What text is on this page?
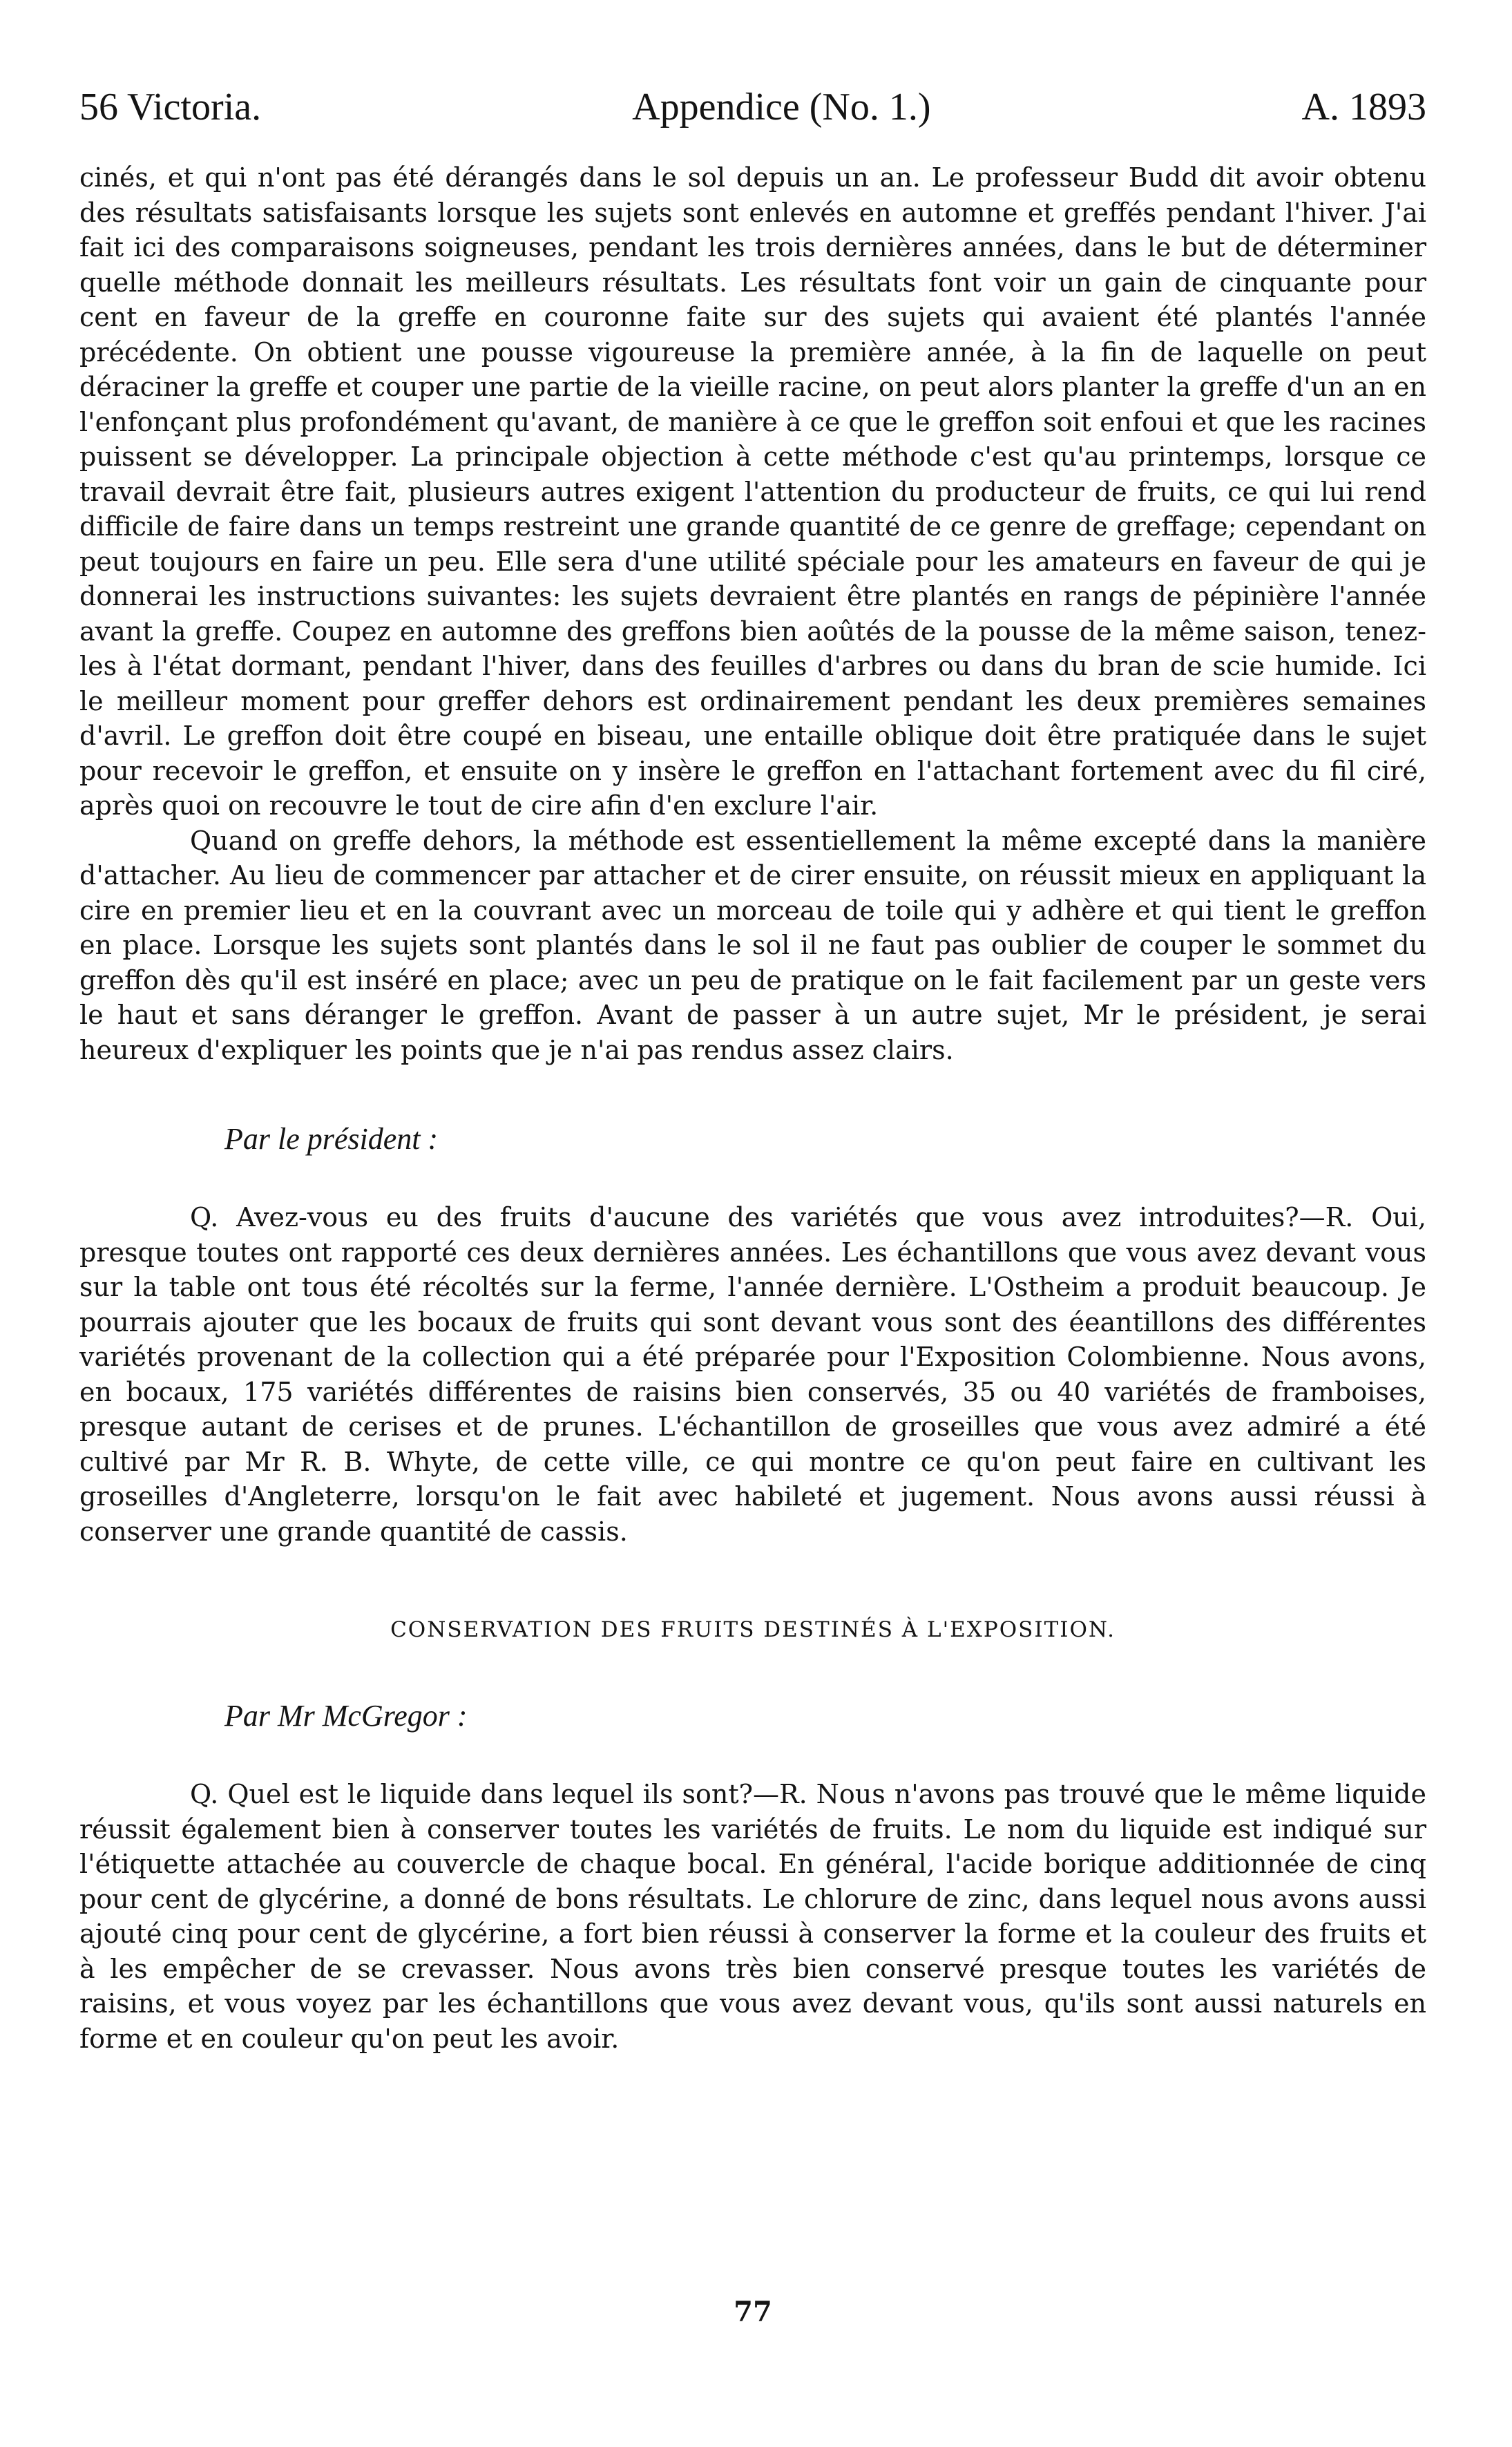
56 Victoria.	Appendice (No. 1.)	A. 1893

cinés, et qui n'ont pas été dérangés dans le sol depuis un an. Le professeur Budd dit avoir obtenu des résultats satisfaisants lorsque les sujets sont enlevés en automne et greffés pendant l'hiver. J'ai fait ici des comparaisons soigneuses, pendant les trois dernières années, dans le but de déterminer quelle méthode donnait les meilleurs résultats. Les résultats font voir un gain de cinquante pour cent en faveur de la greffe en couronne faite sur des sujets qui avaient été plantés l'année précédente. On obtient une pousse vigoureuse la première année, à la fin de laquelle on peut déraciner la greffe et couper une partie de la vieille racine, on peut alors planter la greffe d'un an en l'enfonçant plus profondément qu'avant, de manière à ce que le greffon soit enfoui et que les racines puissent se développer. La principale objection à cette méthode c'est qu'au printemps, lorsque ce travail devrait être fait, plusieurs autres exigent l'attention du producteur de fruits, ce qui lui rend difficile de faire dans un temps restreint une grande quantité de ce genre de greffage; cependant on peut toujours en faire un peu. Elle sera d'une utilité spéciale pour les amateurs en faveur de qui je donnerai les instructions suivantes: les sujets devraient être plantés en rangs de pépinière l'année avant la greffe. Coupez en automne des greffons bien aoûtés de la pousse de la même saison, tenez-les à l'état dormant, pendant l'hiver, dans des feuilles d'arbres ou dans du bran de scie humide. Ici le meilleur moment pour greffer dehors est ordinairement pendant les deux premières semaines d'avril. Le greffon doit être coupé en biseau, une entaille oblique doit être pratiquée dans le sujet pour recevoir le greffon, et ensuite on y insère le greffon en l'attachant fortement avec du fil ciré, après quoi on recouvre le tout de cire afin d'en exclure l'air.

Quand on greffe dehors, la méthode est essentiellement la même excepté dans la manière d'attacher. Au lieu de commencer par attacher et de cirer ensuite, on réussit mieux en appliquant la cire en premier lieu et en la couvrant avec un morceau de toile qui y adhère et qui tient le greffon en place. Lorsque les sujets sont plantés dans le sol il ne faut pas oublier de couper le sommet du greffon dès qu'il est inséré en place; avec un peu de pratique on le fait facilement par un geste vers le haut et sans déranger le greffon. Avant de passer à un autre sujet, Mr le président, je serai heureux d'expliquer les points que je n'ai pas rendus assez clairs.

Par le président :

Q. Avez-vous eu des fruits d'aucune des variétés que vous avez introduites?—R. Oui, presque toutes ont rapporté ces deux dernières années. Les échantillons que vous avez devant vous sur la table ont tous été récoltés sur la ferme, l'année dernière. L'Ostheim a produit beaucoup. Je pourrais ajouter que les bocaux de fruits qui sont devant vous sont des éeantillons des différentes variétés provenant de la collection qui a été préparée pour l'Exposition Colombienne. Nous avons, en bocaux, 175 variétés différentes de raisins bien conservés, 35 ou 40 variétés de framboises, presque autant de cerises et de prunes. L'échantillon de groseilles que vous avez admiré a été cultivé par Mr R. B. Whyte, de cette ville, ce qui montre ce qu'on peut faire en cultivant les groseilles d'Angleterre, lorsqu'on le fait avec habileté et jugement. Nous avons aussi réussi à conserver une grande quantité de cassis.

CONSERVATION DES FRUITS DESTINÉS À L'EXPOSITION.
Par Mr McGregor :

Q. Quel est le liquide dans lequel ils sont?—R. Nous n'avons pas trouvé que le même liquide réussit également bien à conserver toutes les variétés de fruits. Le nom du liquide est indiqué sur l'étiquette attachée au couvercle de chaque bocal. En général, l'acide borique additionnée de cinq pour cent de glycérine, a donné de bons résultats. Le chlorure de zinc, dans lequel nous avons aussi ajouté cinq pour cent de glycérine, a fort bien réussi à conserver la forme et la couleur des fruits et à les empêcher de se crevasser. Nous avons très bien conservé presque toutes les variétés de raisins, et vous voyez par les échantillons que vous avez devant vous, qu'ils sont aussi naturels en forme et en couleur qu'on peut les avoir.

77
